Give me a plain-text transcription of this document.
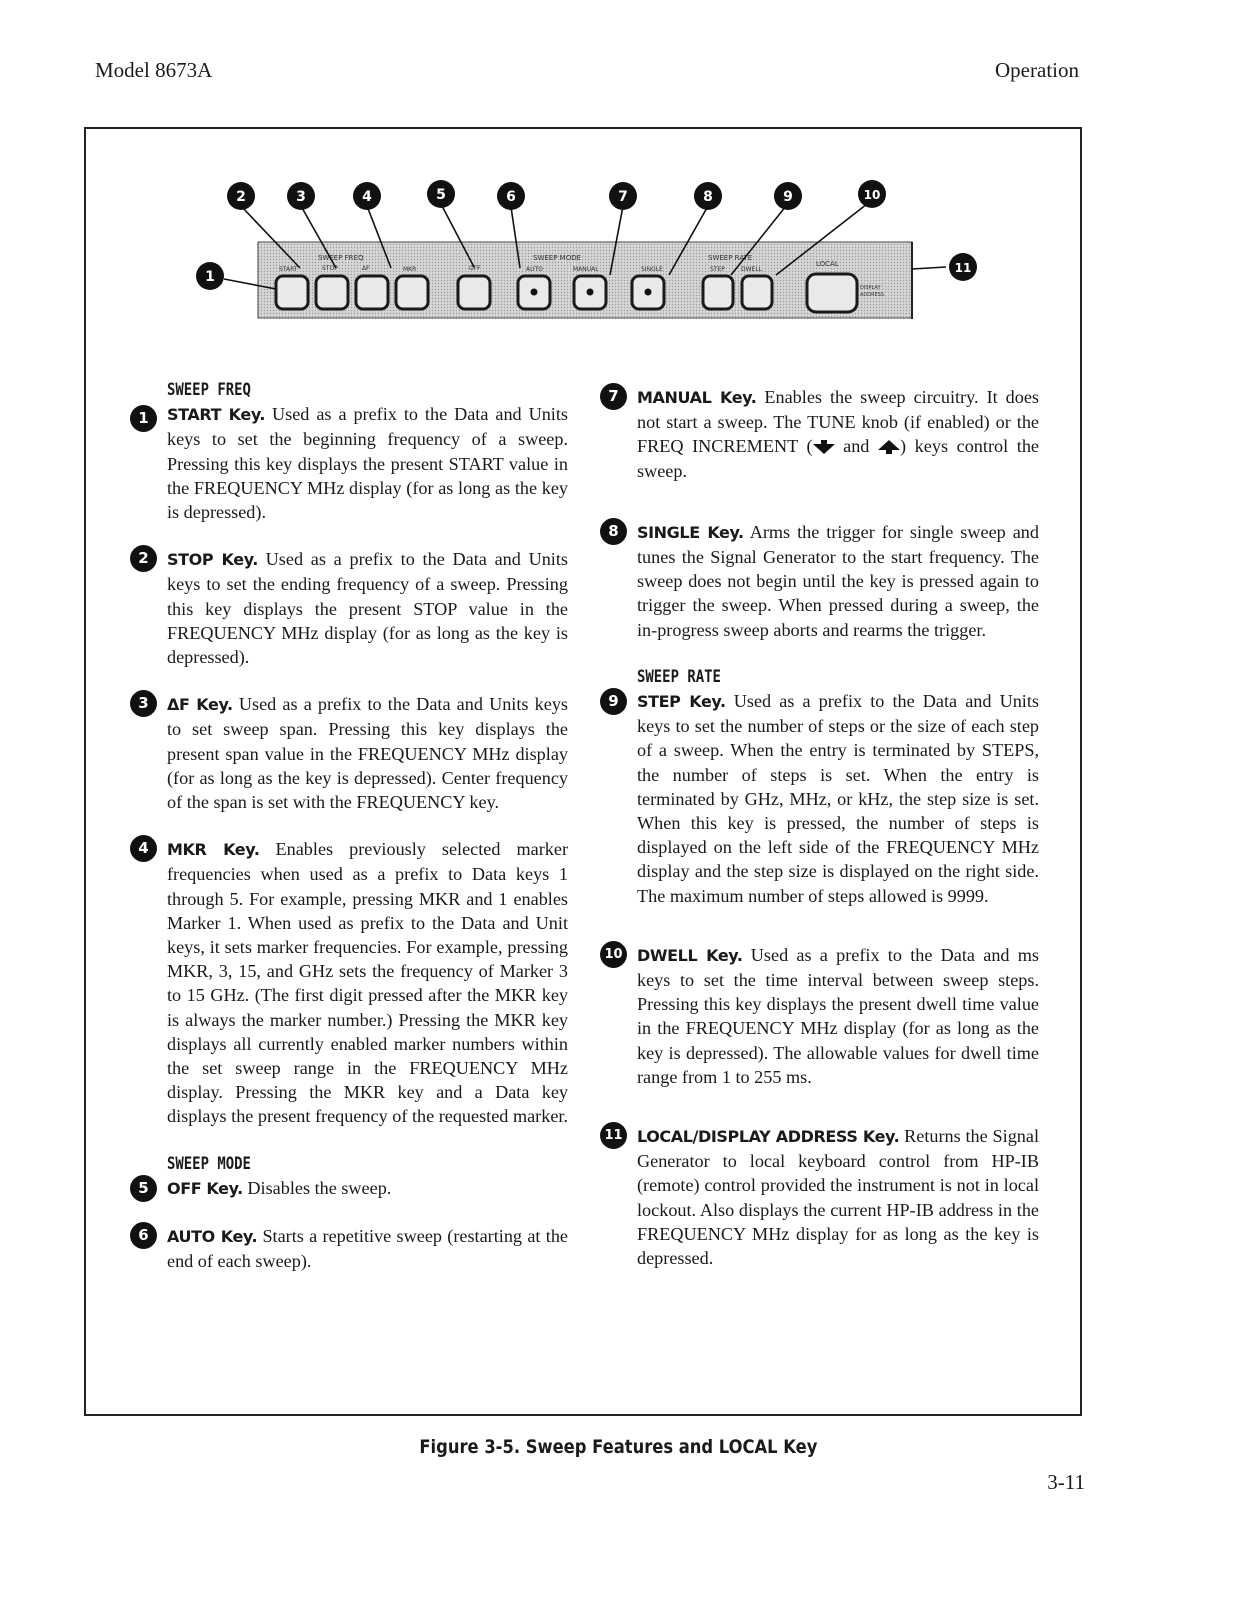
Model 8673A	Operation
SWEEP FREQ	SWEEP MODE	SWEEP RATE
LOCAL
START	STOP	ΔF	MKR	OFF	AUTO	MANUAL	SINGLE	STEP	DWELL
DISPLAY
ADDRESS
1
2	3	4	5	6	7	8	9	10
11
SWEEP FREQ
1	START Key. Used as a prefix to the Data and Units keys to set the beginning frequency of a sweep. Pressing this key displays the present START value in the FREQUENCY MHz display (for as long as the key is depressed).

2	STOP Key. Used as a prefix to the Data and Units keys to set the ending frequency of a sweep. Pressing this key displays the present STOP value in the FREQUENCY MHz display (for as long as the key is depressed).

3	ΔF Key. Used as a prefix to the Data and Units keys to set sweep span. Pressing this key displays the present span value in the FREQUENCY MHz display (for as long as the key is depressed). Center frequency of the span is set with the FREQUENCY key.

4	MKR Key. Enables previously selected marker frequencies when used as a prefix to Data keys 1 through 5. For example, pressing MKR and 1 enables Marker 1. When used as prefix to the Data and Unit keys, it sets marker frequencies. For example, pressing MKR, 3, 15, and GHz sets the frequency of Marker 3 to 15 GHz. (The first digit pressed after the MKR key is always the marker number.) Pressing the MKR key displays all currently enabled marker numbers within the set sweep range in the FREQUENCY MHz display. Pressing the MKR key and a Data key displays the present frequency of the requested marker.

SWEEP MODE
5	OFF Key. Disables the sweep.

6	AUTO Key. Starts a repetitive sweep (restarting at the end of each sweep).

7	MANUAL Key. Enables the sweep circuitry. It does not start a sweep. The TUNE knob (if enabled) or the FREQ INCREMENT ( and ) keys control the sweep.

8	SINGLE Key. Arms the trigger for single sweep and tunes the Signal Generator to the start frequency. The sweep does not begin until the key is pressed again to trigger the sweep. When pressed during a sweep, the in-progress sweep aborts and rearms the trigger.

SWEEP RATE
9	STEP Key. Used as a prefix to the Data and Units keys to set the number of steps or the size of each step of a sweep. When the entry is terminated by STEPS, the number of steps is set. When the entry is terminated by GHz, MHz, or kHz, the step size is set. When this key is pressed, the number of steps is displayed on the left side of the FREQUENCY MHz display and the step size is displayed on the right side. The maximum number of steps allowed is 9999.

10 DWELL Key. Used as a prefix to the Data and ms keys to set the time interval between sweep steps. Pressing this key displays the present dwell time value in the FREQUENCY MHz display (for as long as the key is depressed). The allowable values for dwell time range from 1 to 255 ms.

11 LOCAL/DISPLAY ADDRESS Key. Returns the Signal Generator to local keyboard control from HP-IB (remote) control provided the instrument is not in local lockout. Also displays the current HP-IB address in the FREQUENCY MHz display for as long as the key is depressed.

Figure 3-5. Sweep Features and LOCAL Key
3-11
